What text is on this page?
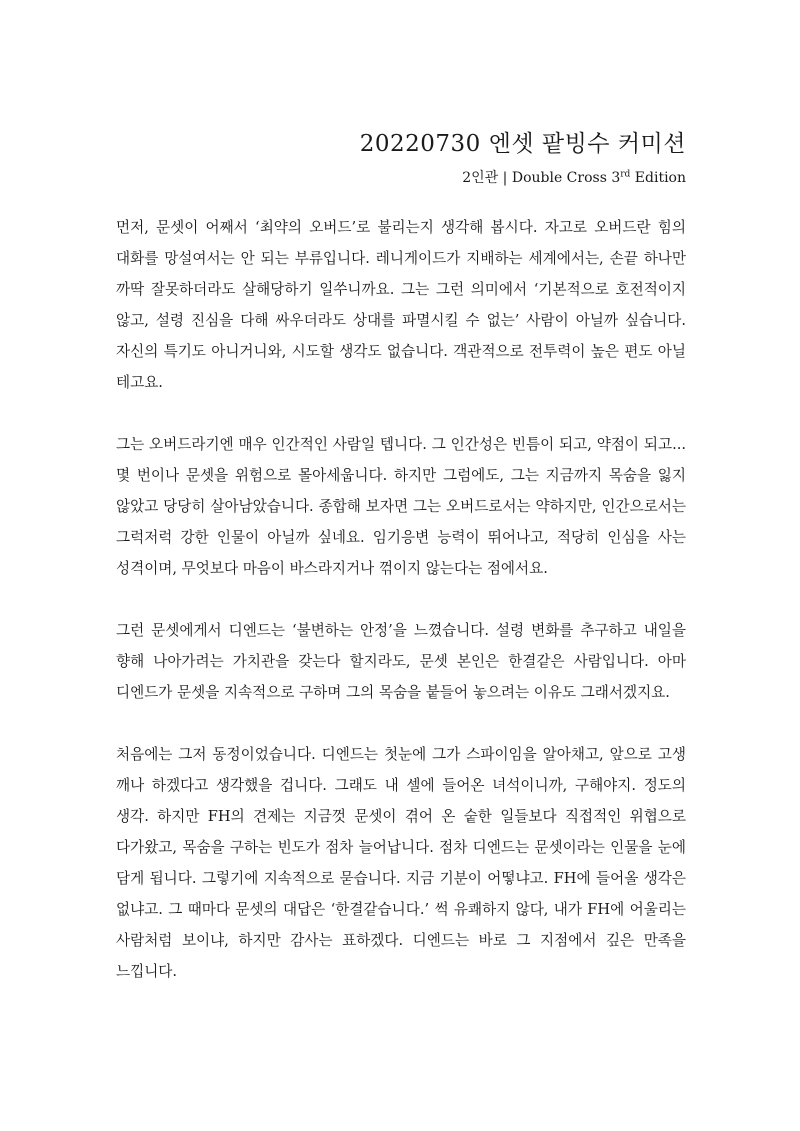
20220730 엔셋 팥빙수 커미션
2인관 | Double Cross 3rd Edition

먼저, 문셋이 어째서 ‘최약의 오버드’로 불리는지 생각해 봅시다. 자고로 오버드란 힘의 대화를 망설여서는 안 되는 부류입니다. 레니게이드가 지배하는 세계에서는, 손끝 하나만 까딱 잘못하더라도 살해당하기 일쑤니까요. 그는 그런 의미에서 ‘기본적으로 호전적이지 않고, 설령 진심을 다해 싸우더라도 상대를 파멸시킬 수 없는’ 사람이 아닐까 싶습니다. 자신의 특기도 아니거니와, 시도할 생각도 없습니다. 객관적으로 전투력이 높은 편도 아닐 테고요.

그는 오버드라기엔 매우 인간적인 사람일 텝니다. 그 인간성은 빈틈이 되고, 약점이 되고... 몇 번이나 문셋을 위험으로 몰아세웁니다. 하지만 그럼에도, 그는 지금까지 목숨을 잃지 않았고 당당히 살아남았습니다. 종합해 보자면 그는 오버드로서는 약하지만, 인간으로서는 그럭저럭 강한 인물이 아닐까 싶네요. 임기응변 능력이 뛰어나고, 적당히 인심을 사는 성격이며, 무엇보다 마음이 바스라지거나 꺾이지 않는다는 점에서요.

그런 문셋에게서 디엔드는 ‘불변하는 안정’을 느꼈습니다. 설령 변화를 추구하고 내일을 향해 나아가려는 가치관을 갖는다 할지라도, 문셋 본인은 한결같은 사람입니다. 아마 디엔드가 문셋을 지속적으로 구하며 그의 목숨을 붙들어 놓으려는 이유도 그래서겠지요.

처음에는 그저 동정이었습니다. 디엔드는 첫눈에 그가 스파이임을 알아채고, 앞으로 고생 깨나 하겠다고 생각했을 겁니다. 그래도 내 셀에 들어온 녀석이니까, 구해야지. 정도의 생각. 하지만 FH의 견제는 지금껏 문셋이 겪어 온 숱한 일들보다 직접적인 위협으로 다가왔고, 목숨을 구하는 빈도가 점차 늘어납니다. 점차 디엔드는 문셋이라는 인물을 눈에 담게 됩니다. 그렇기에 지속적으로 묻습니다. 지금 기분이 어떻냐고. FH에 들어올 생각은 없냐고. 그 때마다 문셋의 대답은 ‘한결같습니다.’ 썩 유쾌하지 않다, 내가 FH에 어울리는 사람처럼 보이냐, 하지만 감사는 표하겠다. 디엔드는 바로 그 지점에서 깊은 만족을 느낍니다.
